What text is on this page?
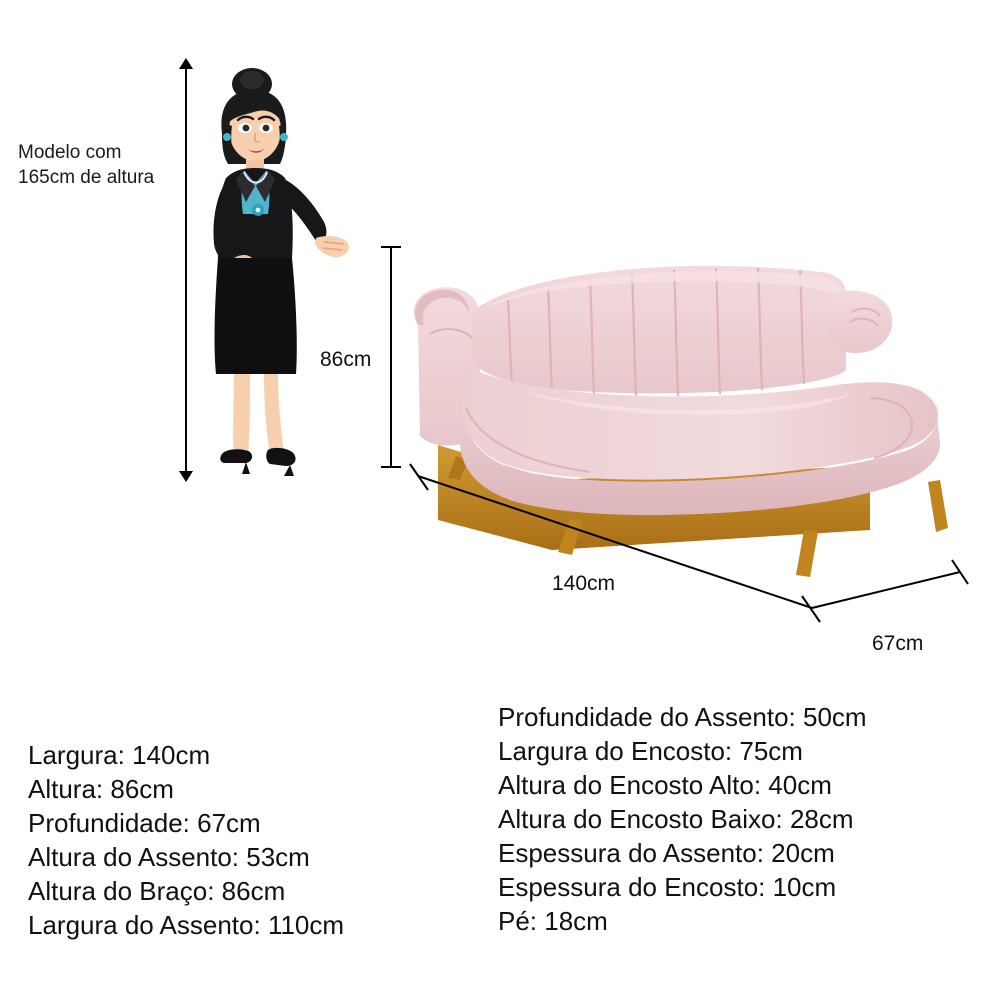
Modelo com
165cm de altura
86cm
140cm
67cm
Largura: 140cm
Altura: 86cm
Profundidade: 67cm
Altura do Assento: 53cm
Altura do Braço: 86cm
Largura do Assento: 110cm
Profundidade do Assento: 50cm
Largura do Encosto: 75cm
Altura do Encosto Alto: 40cm
Altura do Encosto Baixo: 28cm
Espessura do Assento: 20cm
Espessura do Encosto: 10cm
Pé: 18cm
